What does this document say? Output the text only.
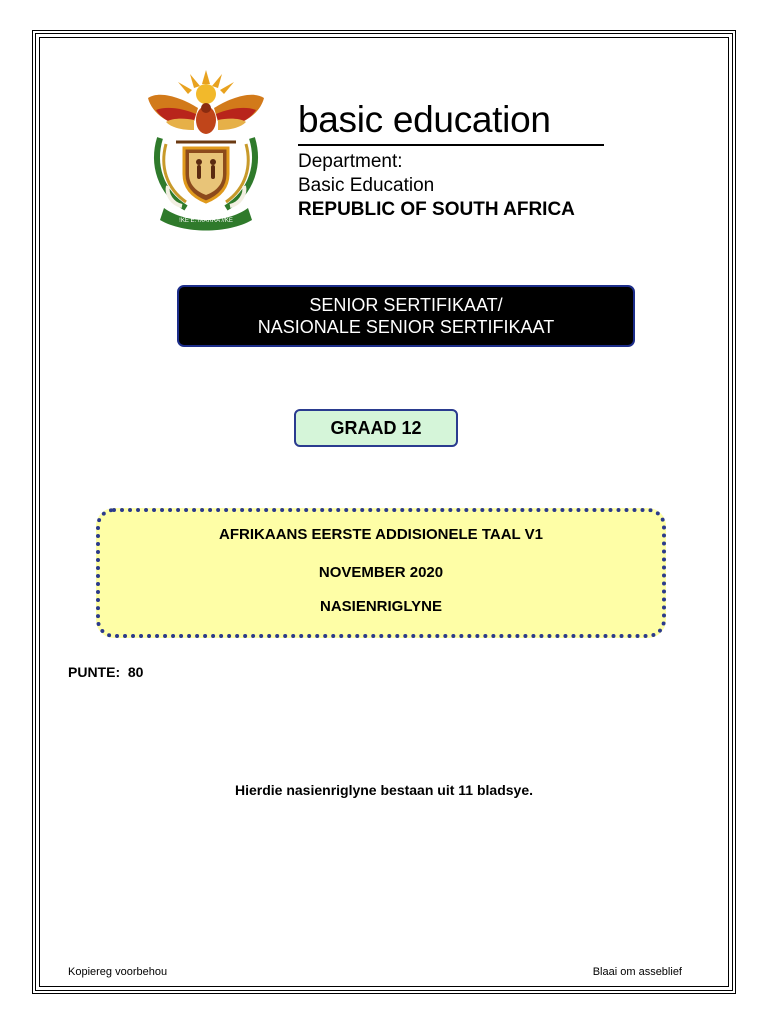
!KE E: /XARRA //KE
basic education
Department:
Basic Education
REPUBLIC OF SOUTH AFRICA
SENIOR SERTIFIKAAT/
NASIONALE SENIOR SERTIFIKAAT
GRAAD 12
AFRIKAANS EERSTE ADDISIONELE TAAL V1
NOVEMBER 2020
NASIENRIGLYNE
PUNTE:  80
Hierdie nasienriglyne bestaan uit 11 bladsye.
Kopiereg voorbehou	Blaai om asseblief
